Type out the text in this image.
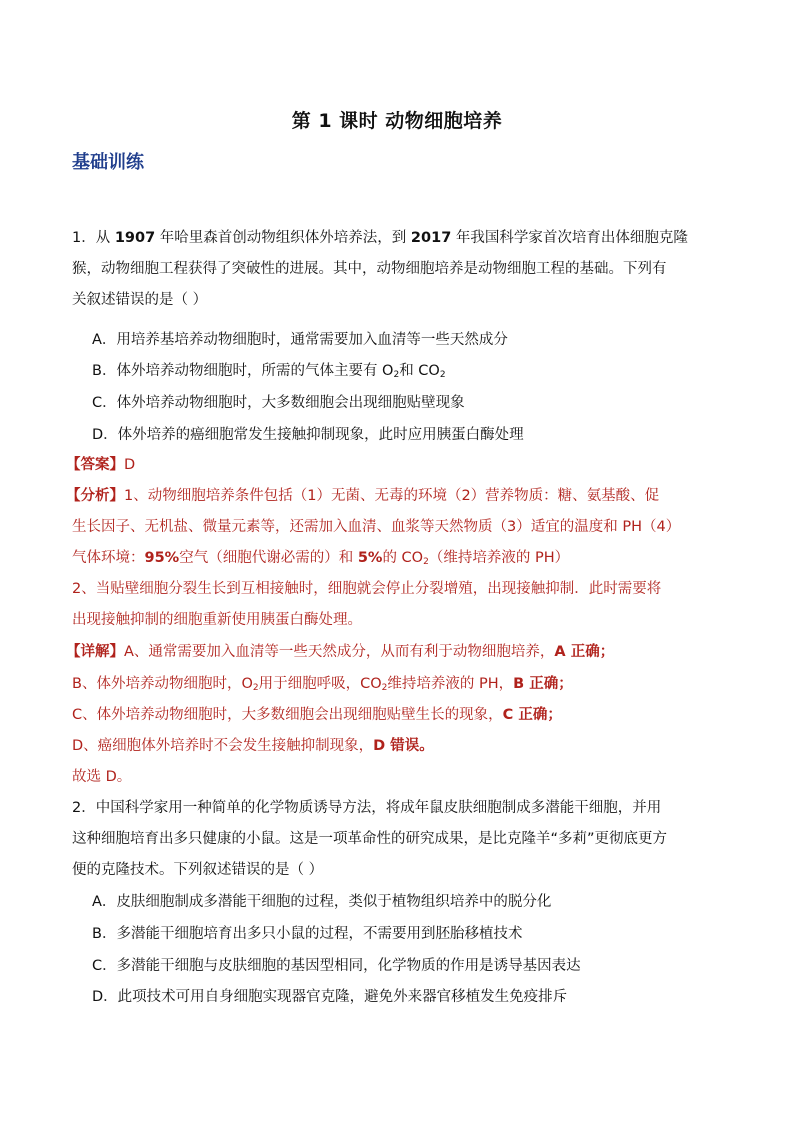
第 1 课时 动物细胞培养
基础训练
1．从 1907 年哈里森首创动物组织体外培养法，到 2017 年我国科学家首次培育出体细胞克隆
猴，动物细胞工程获得了突破性的进展。其中，动物细胞培养是动物细胞工程的基础。下列有
关叙述错误的是（ ）
A．用培养基培养动物细胞时，通常需要加入血清等一些天然成分
B．体外培养动物细胞时，所需的气体主要有 $O_2$和 $CO_2$
C．体外培养动物细胞时，大多数细胞会出现细胞贴壁现象
D．体外培养的癌细胞常发生接触抑制现象，此时应用胰蛋白酶处理
【答案】D
【分析】1、动物细胞培养条件包括（1）无菌、无毒的环境（2）营养物质：糖、氨基酸、促
生长因子、无机盐、微量元素等，还需加入血清、血浆等天然物质（3）适宜的温度和 PH（4）
气体环境：95%空气（细胞代谢必需的）和 5%的 $CO_2$（维持培养液的 PH）
2、当贴壁细胞分裂生长到互相接触时，细胞就会停止分裂增殖，出现接触抑制．此时需要将
出现接触抑制的细胞重新使用胰蛋白酶处理。
【详解】A、通常需要加入血清等一些天然成分，从而有利于动物细胞培养，A 正确；
B、体外培养动物细胞时，$O_2$用于细胞呼吸，$CO_2$维持培养液的 PH，B 正确；
C、体外培养动物细胞时，大多数细胞会出现细胞贴壁生长的现象，C 正确；
D、癌细胞体外培养时不会发生接触抑制现象，D 错误。
故选 D。
2．中国科学家用一种简单的化学物质诱导方法，将成年鼠皮肤细胞制成多潜能干细胞，并用
这种细胞培育出多只健康的小鼠。这是一项革命性的研究成果，是比克隆羊“多莉”更彻底更方
便的克隆技术。下列叙述错误的是（ ）
A．皮肤细胞制成多潜能干细胞的过程，类似于植物组织培养中的脱分化
B．多潜能干细胞培育出多只小鼠的过程，不需要用到胚胎移植技术
C．多潜能干细胞与皮肤细胞的基因型相同，化学物质的作用是诱导基因表达
D．此项技术可用自身细胞实现器官克隆，避免外来器官移植发生免疫排斥
